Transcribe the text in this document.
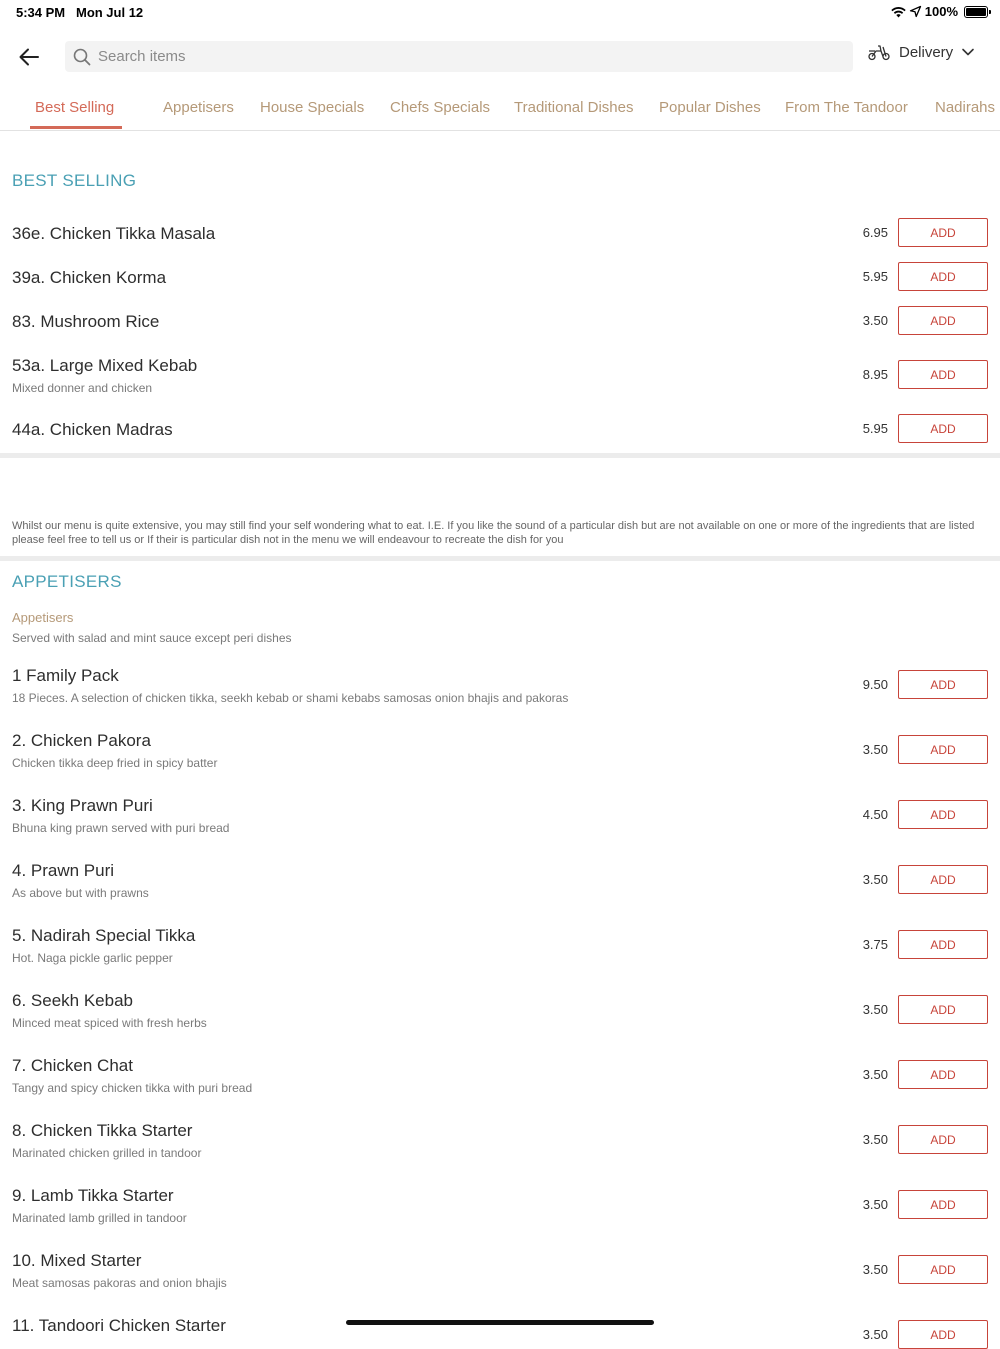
5:34 PM Mon Jul 12	100%
Search items
Delivery
Best Selling	Appetisers House Specials Chefs Specials Traditional Dishes Popular Dishes From The Tandoor Nadirahs
BEST SELLING
36e. Chicken Tikka Masala	6.95	ADD
39a. Chicken Korma	5.95	ADD
83. Mushroom Rice	3.50	ADD
53a. Large Mixed Kebab
Mixed donner and chicken
8.95	ADD
44a. Chicken Madras	5.95	ADD
Whilst our menu is quite extensive, you may still find your self wondering what to eat. I.E. If you like the sound of a particular dish but are not available on one or more of the ingredients that are listed please feel free to tell us or If their is particular dish not in the menu we will endeavour to recreate the dish for you
APPETISERS
Appetisers
Served with salad and mint sauce except peri dishes
1 Family Pack
18 Pieces. A selection of chicken tikka, seekh kebab or shami kebabs samosas onion bhajis and pakoras
9.50	ADD
2. Chicken Pakora
Chicken tikka deep fried in spicy batter
3.50	ADD
3. King Prawn Puri
Bhuna king prawn served with puri bread
4.50	ADD
4. Prawn Puri
As above but with prawns
3.50	ADD
5. Nadirah Special Tikka
Hot. Naga pickle garlic pepper
3.75	ADD
6. Seekh Kebab
Minced meat spiced with fresh herbs
3.50	ADD
7. Chicken Chat
Tangy and spicy chicken tikka with puri bread
3.50	ADD
8. Chicken Tikka Starter
Marinated chicken grilled in tandoor
3.50	ADD
9. Lamb Tikka Starter
Marinated lamb grilled in tandoor
3.50	ADD
10. Mixed Starter
Meat samosas pakoras and onion bhajis
3.50	ADD
11. Tandoori Chicken Starter	3.50	ADD
